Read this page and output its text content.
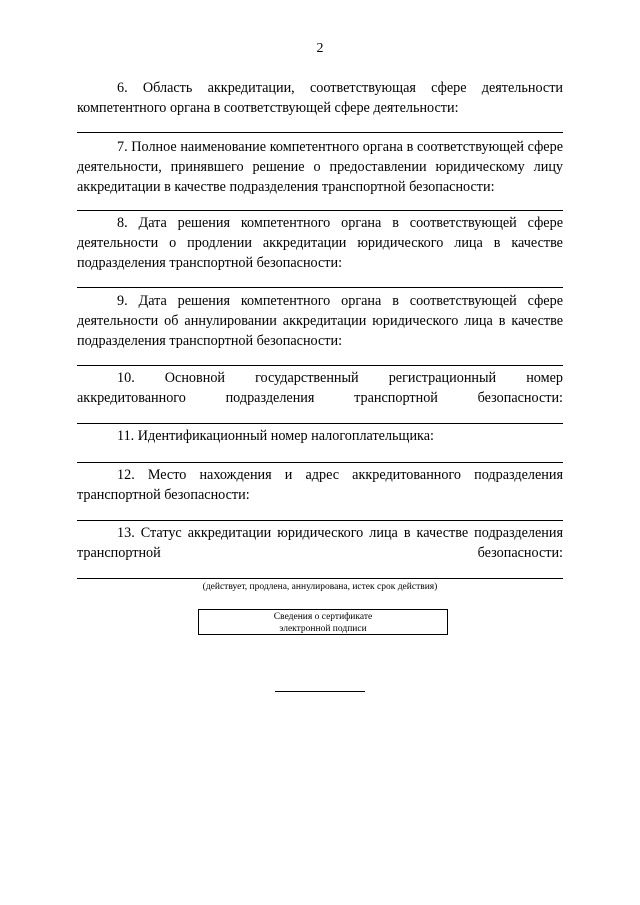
2

6. Область аккредитации, соответствующая сфере деятельности компетентного органа в соответствующей сфере деятельности:

7. Полное наименование компетентного органа в соответствующей сфере деятельности, принявшего решение о предоставлении юридическому лицу аккредитации в качестве подразделения транспортной безопасности:

8. Дата решения компетентного органа в соответствующей сфере деятельности о продлении аккредитации юридического лица в качестве подразделения транспортной безопасности:

9. Дата решения компетентного органа в соответствующей сфере деятельности об аннулировании аккредитации юридического лица в качестве подразделения транспортной безопасности:

10. Основной государственный регистрационный номер аккредитованного подразделения транспортной безопасности:

11. Идентификационный номер налогоплательщика:

12. Место нахождения и адрес аккредитованного подразделения транспортной безопасности:

13. Статус аккредитации юридического лица в качестве подразделения транспортной безопасности:

(действует, продлена, аннулирована, истек срок действия)
Сведения о сертификате
электронной подписи
